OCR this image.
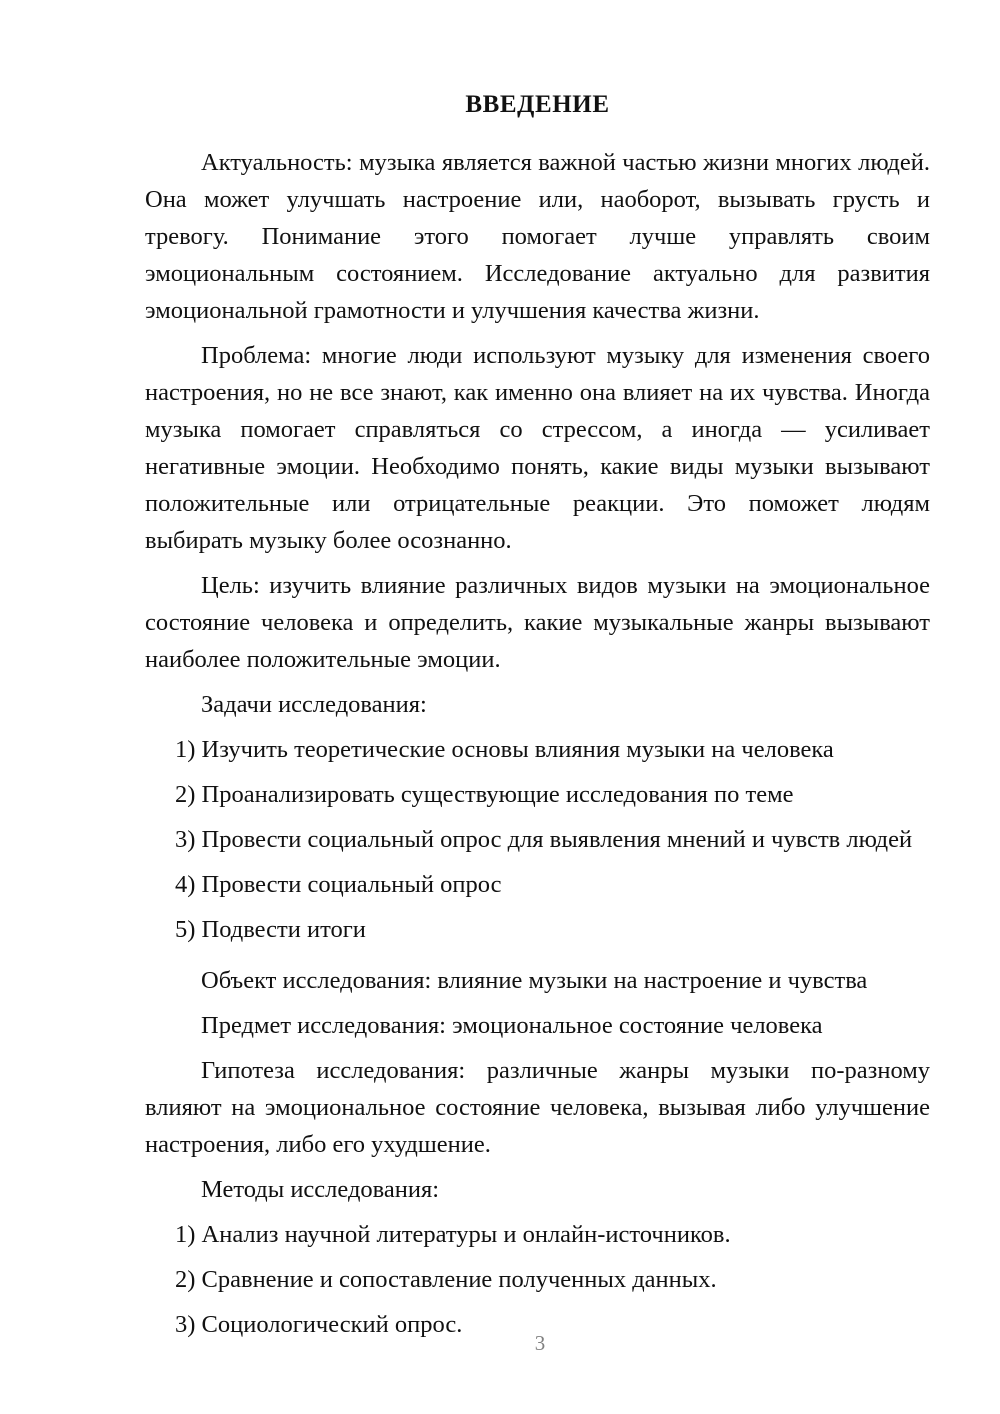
ВВЕДЕНИЕ

Актуальность: музыка является важной частью жизни многих людей. Она может улучшать настроение или, наоборот, вызывать грусть и тревогу. Понимание этого помогает лучше управлять своим эмоциональным состоянием. Исследование актуально для развития эмоциональной грамотности и улучшения качества жизни.

Проблема: многие люди используют музыку для изменения своего настроения, но не все знают, как именно она влияет на их чувства. Иногда музыка помогает справляться со стрессом, а иногда — усиливает негативные эмоции. Необходимо понять, какие виды музыки вызывают положительные или отрицательные реакции. Это поможет людям выбирать музыку более осознанно.

Цель: изучить влияние различных видов музыки на эмоциональное состояние человека и определить, какие музыкальные жанры вызывают наиболее положительные эмоции.

Задачи исследования:

1) Изучить теоретические основы влияния музыки на человека
2) Проанализировать существующие исследования по теме
3) Провести социальный опрос для выявления мнений и чувств людей
4) Провести социальный опрос
5) Подвести итоги

Объект исследования: влияние музыки на настроение и чувства

Предмет исследования: эмоциональное состояние человека

Гипотеза исследования: различные жанры музыки по-разному влияют на эмоциональное состояние человека, вызывая либо улучшение настроения, либо его ухудшение.

Методы исследования:

1) Анализ научной литературы и онлайн-источников.
2) Сравнение и сопоставление полученных данных.
3) Социологический опрос.
3
